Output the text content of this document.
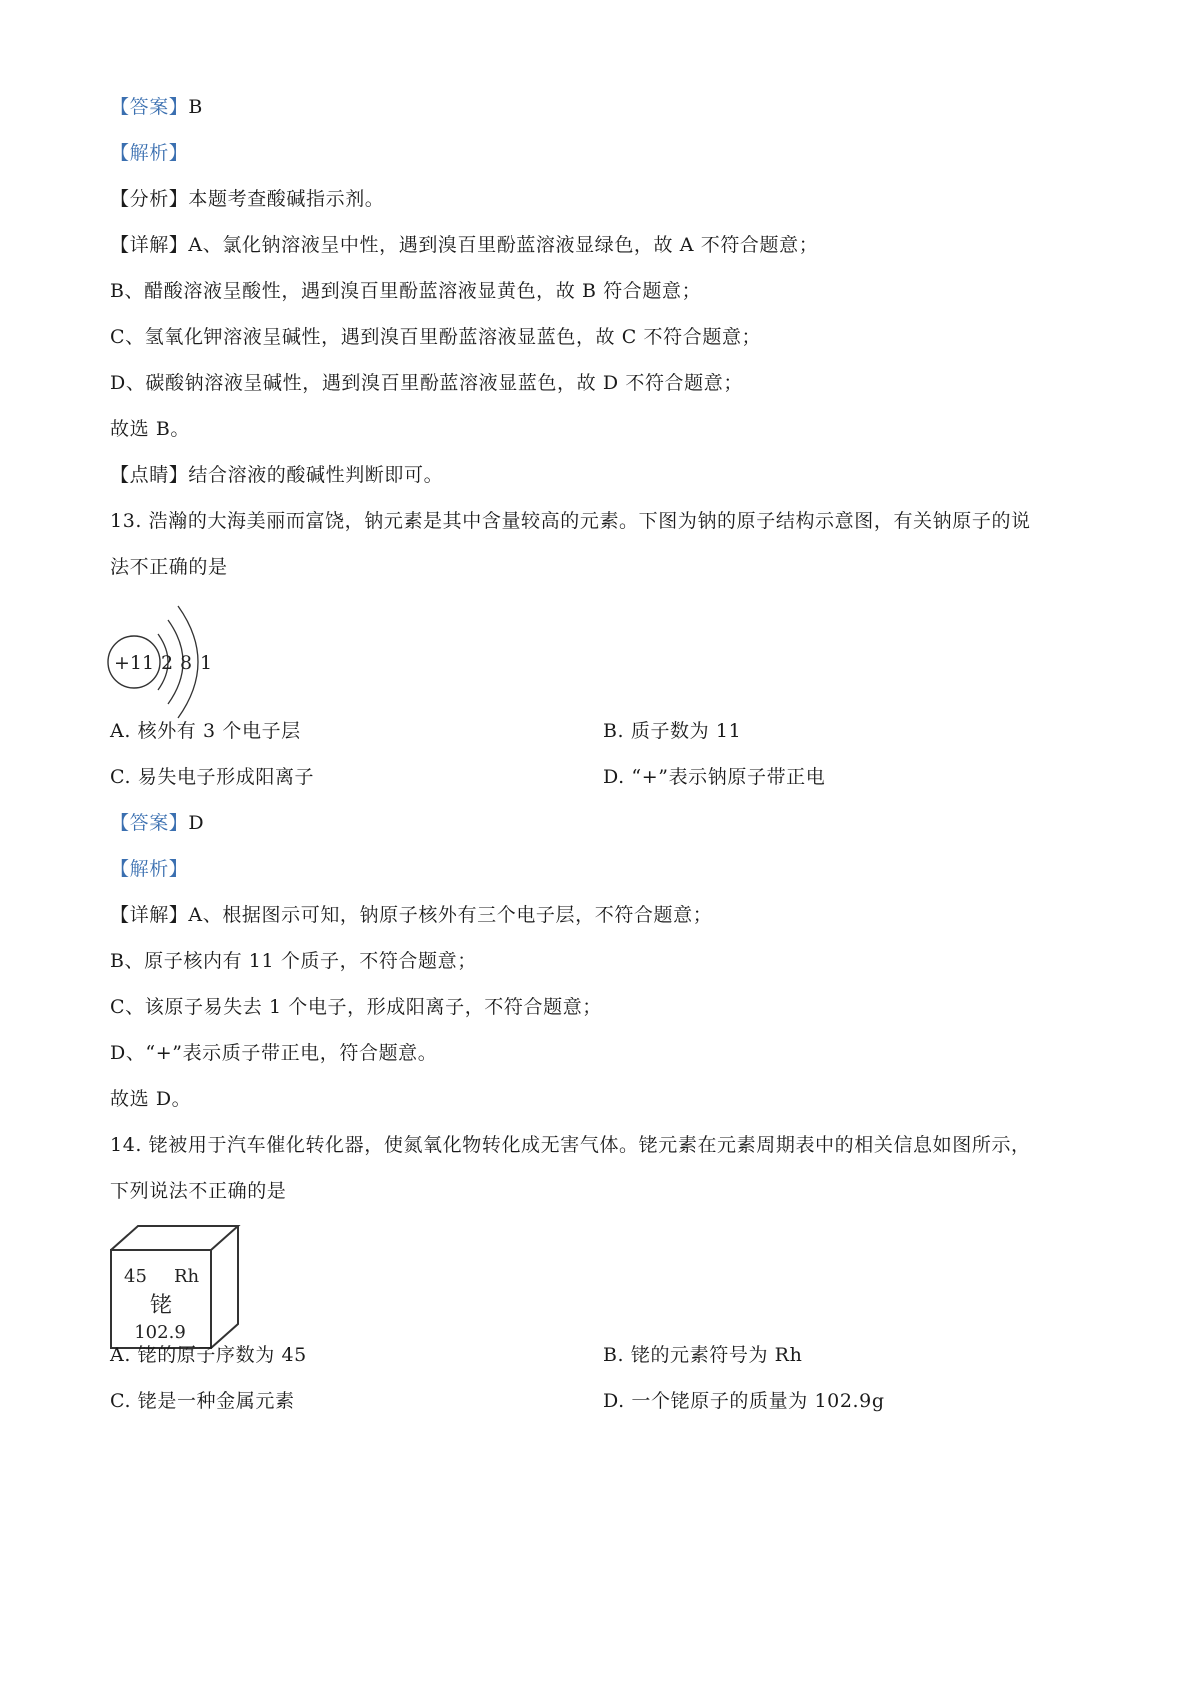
【答案】B
【解析】
【分析】本题考查酸碱指示剂。
【详解】A、氯化钠溶液呈中性，遇到溴百里酚蓝溶液显绿色，故 A 不符合题意；
B、醋酸溶液呈酸性，遇到溴百里酚蓝溶液显黄色，故 B 符合题意；
C、氢氧化钾溶液呈碱性，遇到溴百里酚蓝溶液显蓝色，故 C 不符合题意；
D、碳酸钠溶液呈碱性，遇到溴百里酚蓝溶液显蓝色，故 D 不符合题意；
故选 B。
【点睛】结合溶液的酸碱性判断即可。
13. 浩瀚的大海美丽而富饶，钠元素是其中含量较高的元素。下图为钠的原子结构示意图，有关钠原子的说
法不正确的是
+11 2 8 1
A. 核外有 3 个电子层	B. 质子数为 11
C. 易失电子形成阳离子	D. “+”表示钠原子带正电
【答案】D
【解析】
【详解】A、根据图示可知，钠原子核外有三个电子层，不符合题意；
B、原子核内有 11 个质子，不符合题意；
C、该原子易失去 1 个电子，形成阳离子，不符合题意；
D、“+”表示质子带正电，符合题意。
故选 D。
14. 铑被用于汽车催化转化器，使氮氧化物转化成无害气体。铑元素在元素周期表中的相关信息如图所示，
下列说法不正确的是
45 Rh
铑
102.9
A. 铑的原子序数为 45	B. 铑的元素符号为 Rh
C. 铑是一种金属元素	D. 一个铑原子的质量为 102.9g
